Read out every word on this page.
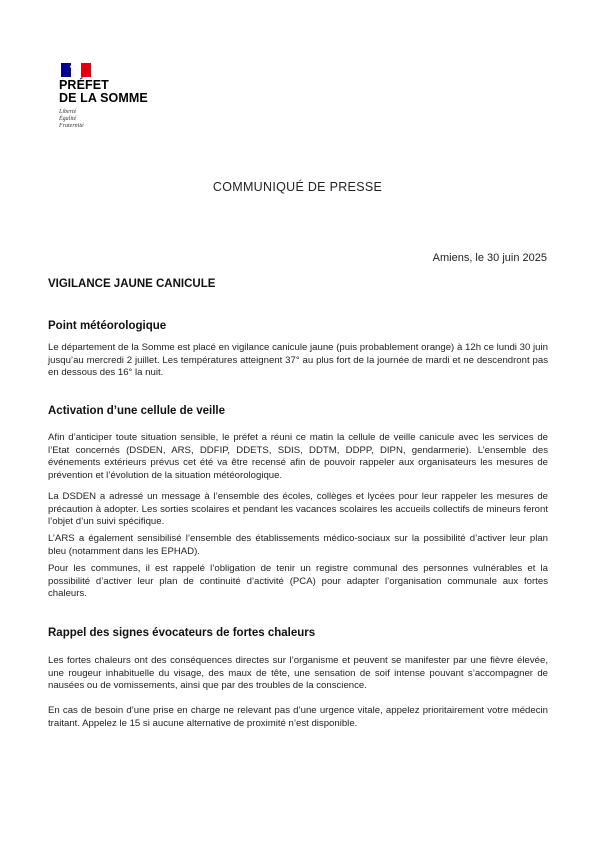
PRÉFET
DE LA SOMME
Liberté
Égalité
Fraternité
COMMUNIQUÉ DE PRESSE
Amiens, le 30 juin 2025
VIGILANCE JAUNE CANICULE
Point météorologique
Le département de la Somme est placé en vigilance canicule jaune (puis probablement orange) à 12h ce lundi 30 juin jusqu’au mercredi 2 juillet. Les températures atteignent 37° au plus fort de la journée de mardi et ne descendront pas en dessous des 16° la nuit.
Activation d’une cellule de veille
Afin d’anticiper toute situation sensible, le préfet a réuni ce matin la cellule de veille canicule avec les services de l’Etat concernés (DSDEN, ARS, DDFIP, DDETS, SDIS, DDTM, DDPP, DIPN, gendarmerie). L’ensemble des événements extérieurs prévus cet été va être recensé afin de pouvoir rappeler aux organisateurs les mesures de prévention et l’évolution de la situation météorologique.
La DSDEN a adressé un message à l’ensemble des écoles, collèges et lycées pour leur rappeler les mesures de précaution à adopter. Les sorties scolaires et pendant les vacances scolaires les accueils collectifs de mineurs feront l’objet d’un suivi spécifique.
L’ARS a également sensibilisé l’ensemble des établissements médico-sociaux sur la possibilité d’activer leur plan bleu (notamment dans les EPHAD).
Pour les communes, il est rappelé l’obligation de tenir un registre communal des personnes vulnérables et la possibilité d’activer leur plan de continuité d’activité (PCA) pour adapter l’organisation communale aux fortes chaleurs.
Rappel des signes évocateurs de fortes chaleurs
Les fortes chaleurs ont des conséquences directes sur l’organisme et peuvent se manifester par une fièvre élevée, une rougeur inhabituelle du visage, des maux de tête, une sensation de soif intense pouvant s’accompagner de nausées ou de vomissements, ainsi que par des troubles de la conscience.
En cas de besoin d’une prise en charge ne relevant pas d’une urgence vitale, appelez prioritairement votre médecin traitant. Appelez le 15 si aucune alternative de proximité n’est disponible.
